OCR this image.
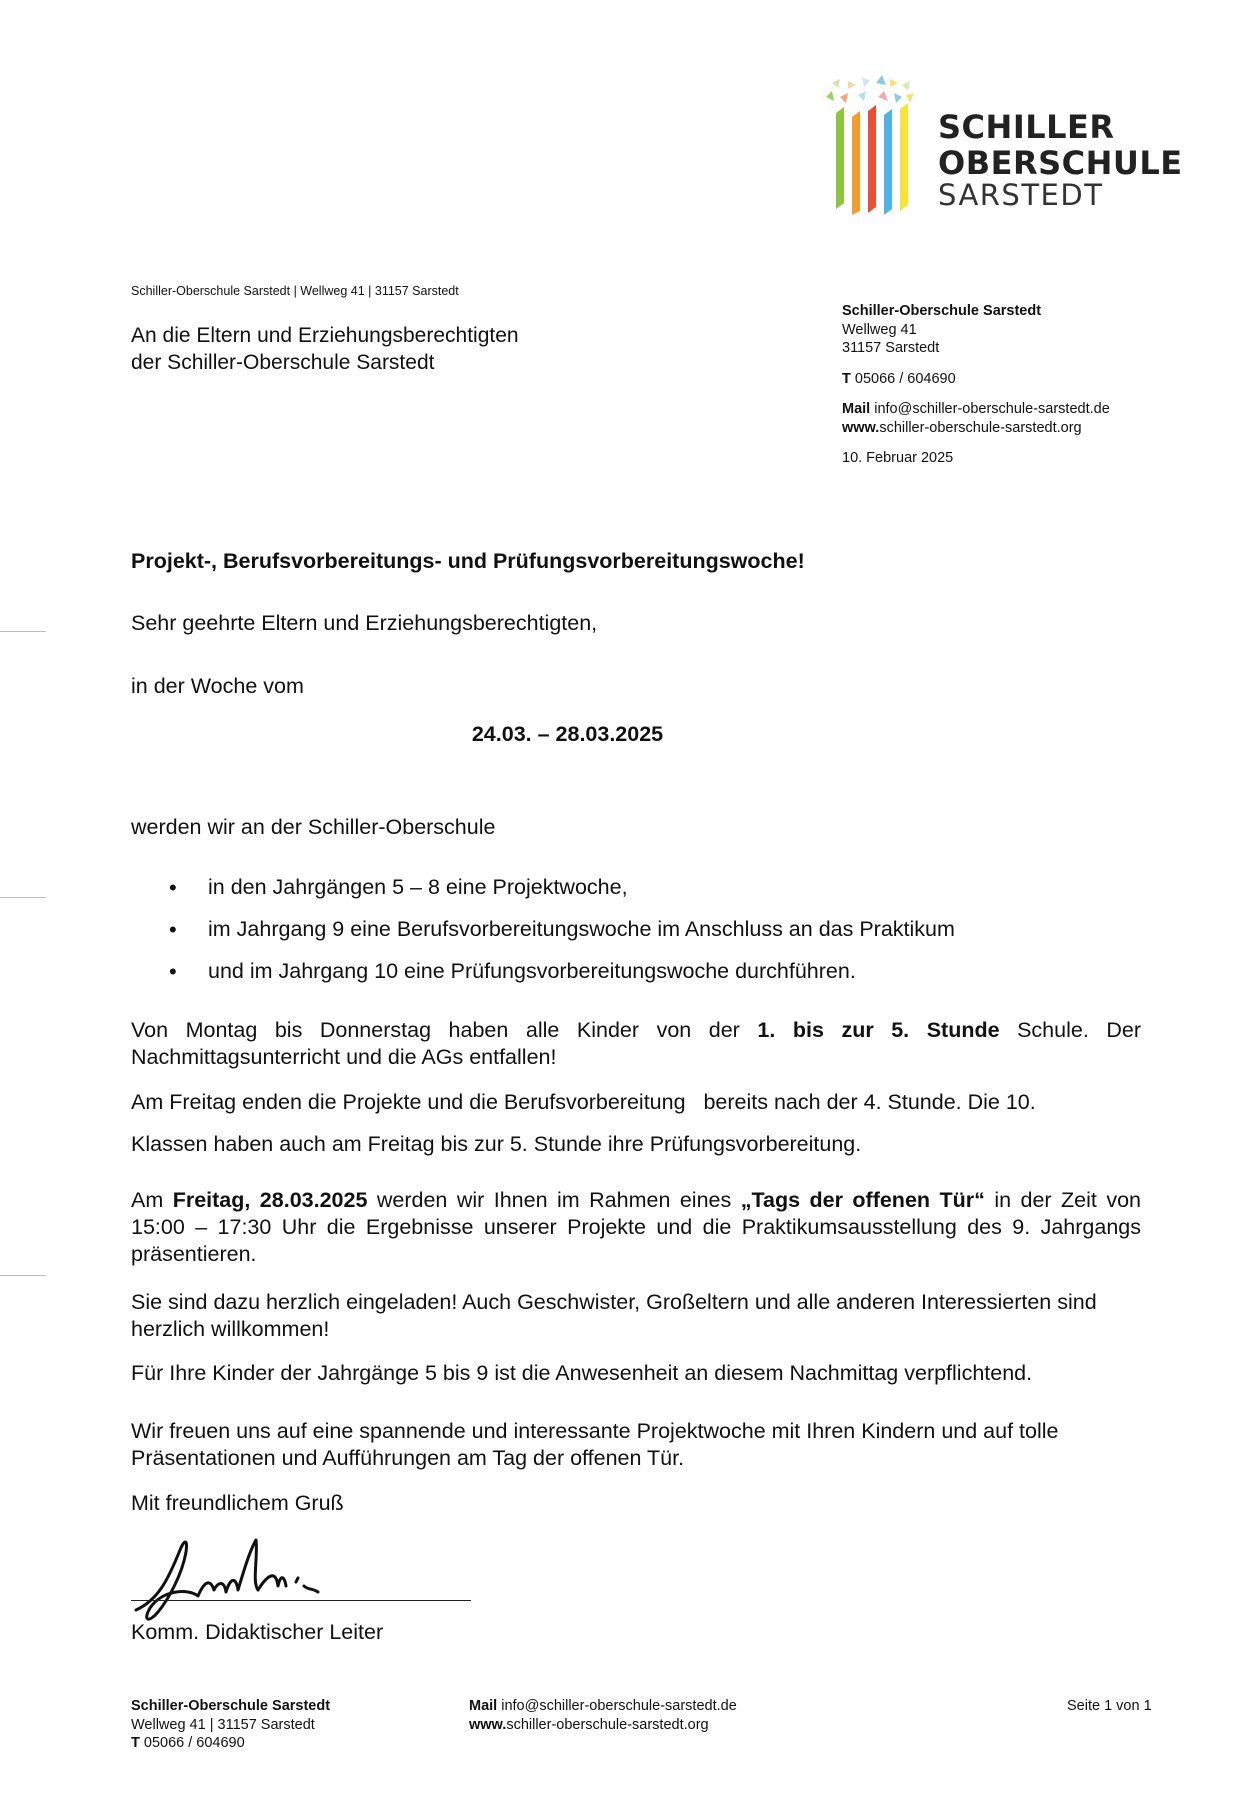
SCHILLER
OBERSCHULE
SARSTEDT
Schiller-Oberschule Sarstedt | Wellweg 41 | 31157 Sarstedt
An die Eltern und Erziehungsberechtigten
der Schiller-Oberschule Sarstedt
Schiller-Oberschule Sarstedt
Wellweg 41
31157 Sarstedt
T 05066 / 604690
Mail info@schiller-oberschule-sarstedt.de
www.schiller-oberschule-sarstedt.org
10. Februar 2025
Projekt-, Berufsvorbereitungs- und Prüfungsvorbereitungswoche!
Sehr geehrte Eltern und Erziehungsberechtigten,
in der Woche vom
24.03. – 28.03.2025
werden wir an der Schiller-Oberschule
• in den Jahrgängen 5 – 8 eine Projektwoche,
• im Jahrgang 9 eine Berufsvorbereitungswoche im Anschluss an das Praktikum
• und im Jahrgang 10 eine Prüfungsvorbereitungswoche durchführen.
Von Montag bis Donnerstag haben alle Kinder von der 1. bis zur 5. Stunde Schule. Der Nachmittagsunterricht und die AGs entfallen!
Am Freitag enden die Projekte und die Berufsvorbereitung   bereits nach der 4. Stunde. Die 10.
Klassen haben auch am Freitag bis zur 5. Stunde ihre Prüfungsvorbereitung.
Am Freitag, 28.03.2025 werden wir Ihnen im Rahmen eines „Tags der offenen Tür“ in der Zeit von 15:00 – 17:30 Uhr die Ergebnisse unserer Projekte und die Praktikumsausstellung des 9. Jahrgangs präsentieren.
Sie sind dazu herzlich eingeladen! Auch Geschwister, Großeltern und alle anderen Interessierten sind herzlich willkommen!
Für Ihre Kinder der Jahrgänge 5 bis 9 ist die Anwesenheit an diesem Nachmittag verpflichtend.
Wir freuen uns auf eine spannende und interessante Projektwoche mit Ihren Kindern und auf tolle Präsentationen und Aufführungen am Tag der offenen Tür.
Mit freundlichem Gruß
Komm. Didaktischer Leiter
Schiller-Oberschule Sarstedt
Wellweg 41 | 31157 Sarstedt
T 05066 / 604690
Mail info@schiller-oberschule-sarstedt.de
www.schiller-oberschule-sarstedt.org
Seite 1 von 1
